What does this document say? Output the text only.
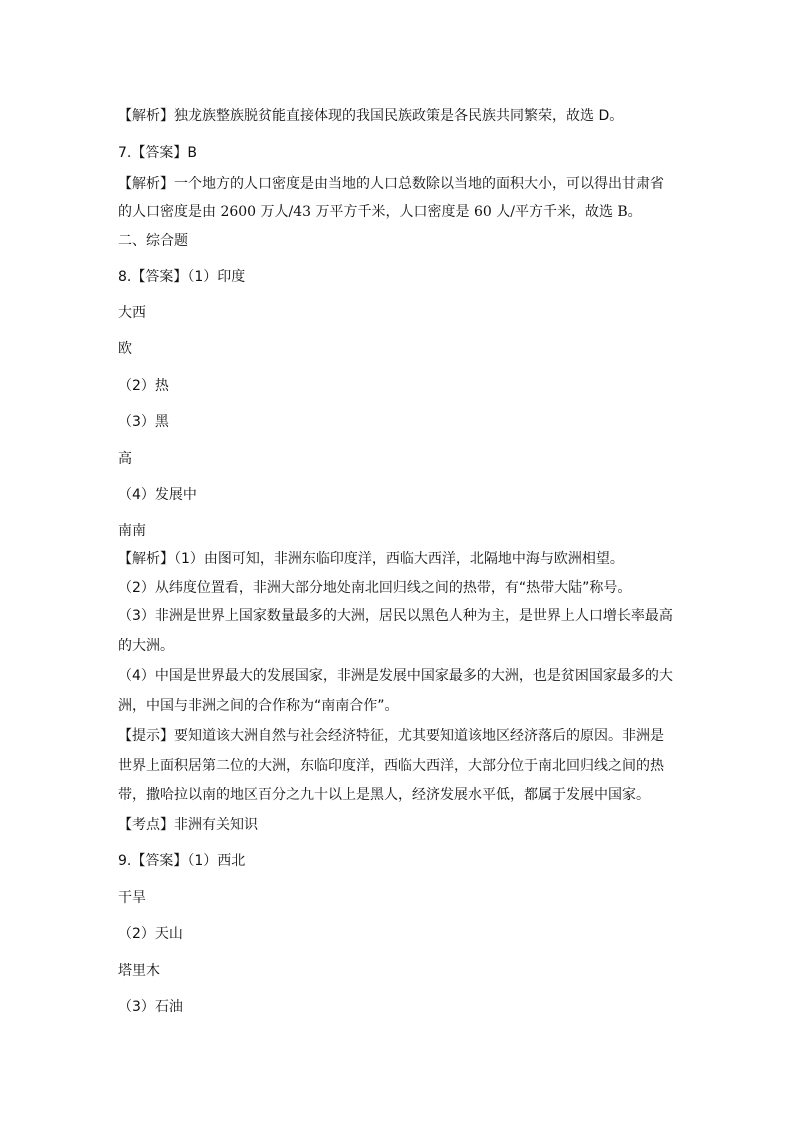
【解析】独龙族整族脱贫能直接体现的我国民族政策是各民族共同繁荣，故选 D。
7.【答案】B
【解析】一个地方的人口密度是由当地的人口总数除以当地的面积大小，可以得出甘肃省
的人口密度是由 2600 万人/43 万平方千米，人口密度是 60 人/平方千米，故选 B。
二、综合题
8.【答案】（1）印度
大西
欧
（2）热
（3）黑
高
（4）发展中
南南
【解析】（1）由图可知，非洲东临印度洋，西临大西洋，北隔地中海与欧洲相望。
（2）从纬度位置看，非洲大部分地处南北回归线之间的热带，有“热带大陆”称号。
（3）非洲是世界上国家数量最多的大洲，居民以黑色人种为主，是世界上人口增长率最高
的大洲。
（4）中国是世界最大的发展国家，非洲是发展中国家最多的大洲，也是贫困国家最多的大
洲，中国与非洲之间的合作称为“南南合作”。
【提示】要知道该大洲自然与社会经济特征，尤其要知道该地区经济落后的原因。非洲是
世界上面积居第二位的大洲，东临印度洋，西临大西洋，大部分位于南北回归线之间的热
带，撒哈拉以南的地区百分之九十以上是黑人，经济发展水平低，都属于发展中国家。
【考点】非洲有关知识
9.【答案】（1）西北
干旱
（2）天山
塔里木
（3）石油
